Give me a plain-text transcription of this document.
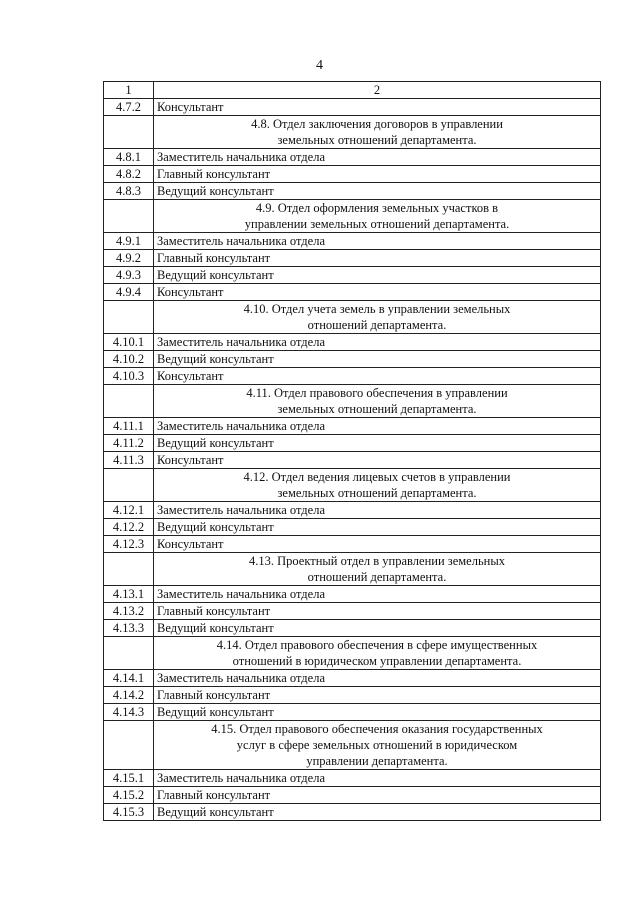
4
1	2
4.7.2	Консультант

	4.8. Отдел заключения договоров в управлении
земельных отношений департамента.

4.8.1	Заместитель начальника отдела
4.8.2	Главный консультант
4.8.3	Ведущий консультант

	4.9. Отдел оформления земельных участков в
управлении земельных отношений департамента.

4.9.1	Заместитель начальника отдела
4.9.2	Главный консультант
4.9.3	Ведущий консультант
4.9.4	Консультант

	4.10. Отдел учета земель в управлении земельных
отношений департамента.

4.10.1	Заместитель начальника отдела
4.10.2	Ведущий консультант
4.10.3	Консультант

	4.11. Отдел правового обеспечения в управлении
земельных отношений департамента.

4.11.1	Заместитель начальника отдела
4.11.2	Ведущий консультант
4.11.3	Консультант

	4.12. Отдел ведения лицевых счетов в управлении
земельных отношений департамента.

4.12.1	Заместитель начальника отдела
4.12.2	Ведущий консультант
4.12.3	Консультант

	4.13. Проектный отдел в управлении земельных
отношений департамента.

4.13.1	Заместитель начальника отдела
4.13.2	Главный консультант
4.13.3	Ведущий консультант

	4.14. Отдел правового обеспечения в сфере имущественных
отношений в юридическом управлении департамента.

4.14.1	Заместитель начальника отдела
4.14.2	Главный консультант
4.14.3	Ведущий консультант

	4.15. Отдел правового обеспечения оказания государственных
услуг в сфере земельных отношений в юридическом
управлении департамента.

4.15.1	Заместитель начальника отдела
4.15.2	Главный консультант
4.15.3	Ведущий консультант
